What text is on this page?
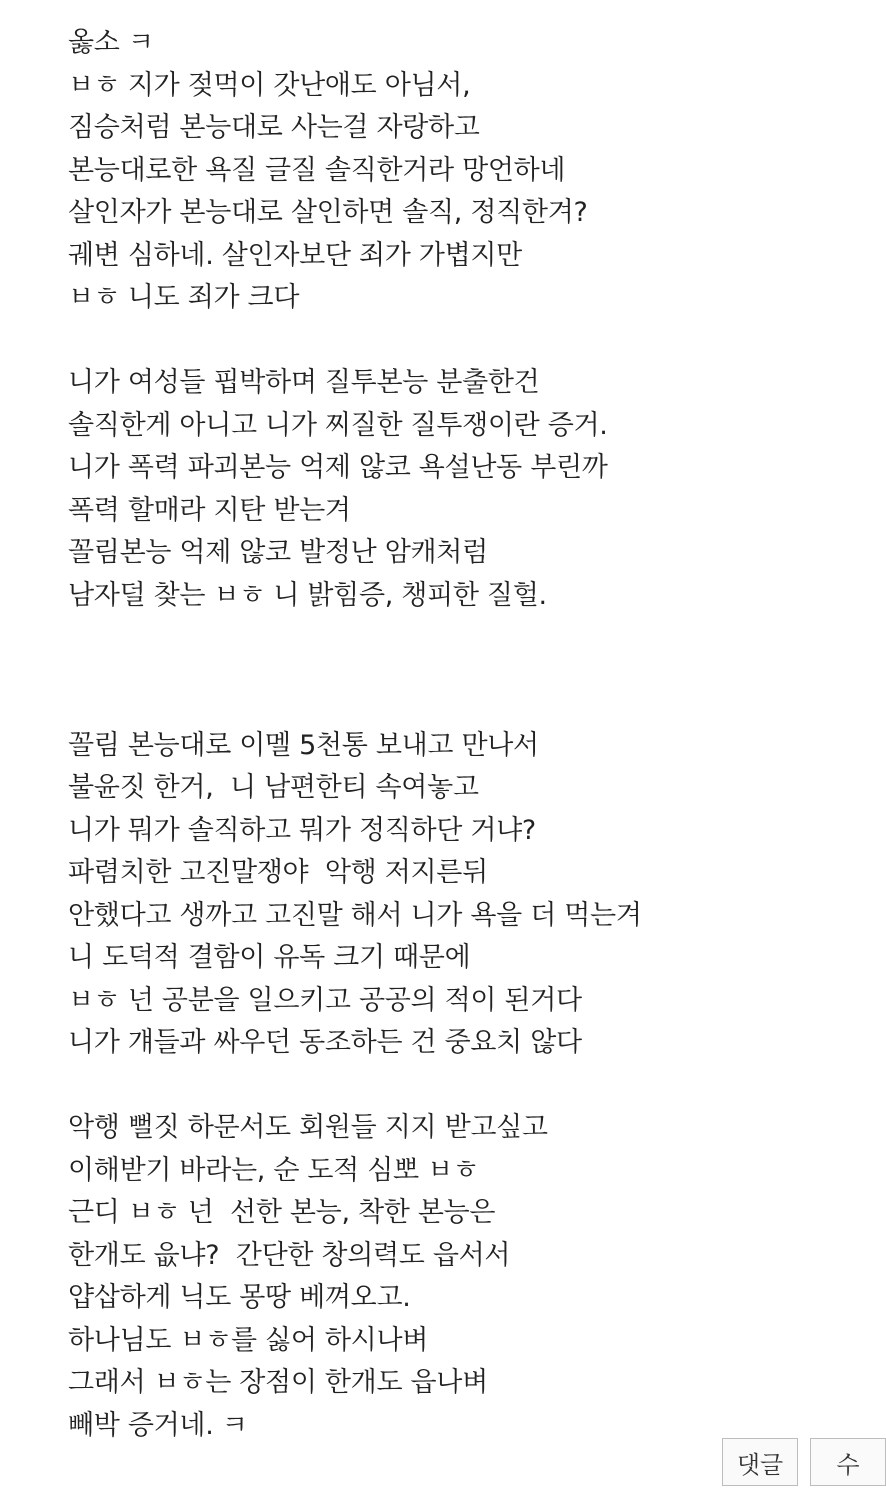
옳소 ㅋ
ㅂㅎ 지가 젖먹이 갓난애도 아님서,
짐승처럼 본능대로 사는걸 자랑하고
본능대로한 욕질 글질 솔직한거라 망언하네
살인자가 본능대로 살인하면 솔직, 정직한겨?
궤변 심하네. 살인자보단 죄가 가볍지만
ㅂㅎ 니도 죄가 크다
니가 여성들 핍박하며 질투본능 분출한건
솔직한게 아니고 니가 찌질한 질투쟁이란 증거.
니가 폭력 파괴본능 억제 않코 욕설난동 부린까
폭력 할매라 지탄 받는겨
꼴림본능 억제 않코 발정난 암캐처럼
남자덜 찾는 ㅂㅎ 니 밝힘증, 챙피한 질헐.
꼴림 본능대로 이멜 5천통 보내고 만나서
불윤짓 한거,  니 남편한티 속여놓고
니가 뭐가 솔직하고 뭐가 정직하단 거냐?
파렴치한 고진말쟁야  악행 저지른뒤
안했다고 생까고 고진말 해서 니가 욕을 더 먹는겨
니 도덕적 결함이 유독 크기 때문에
ㅂㅎ 넌 공분을 일으키고 공공의 적이 된거다
니가 걔들과 싸우던 동조하든 건 중요치 않다
악행 뻘짓 하문서도 회원들 지지 받고싶고
이해받기 바라는, 순 도적 심뽀 ㅂㅎ
근디 ㅂㅎ 넌  선한 본능, 착한 본능은
한개도 읎냐?  간단한 창의력도 읍서서
얍삽하게 닉도 몽땅 베껴오고.
하나님도 ㅂㅎ를 싫어 하시나벼
그래서 ㅂㅎ는 장점이 한개도 읍나벼
빼박 증거네. ㅋ
댓글	수
